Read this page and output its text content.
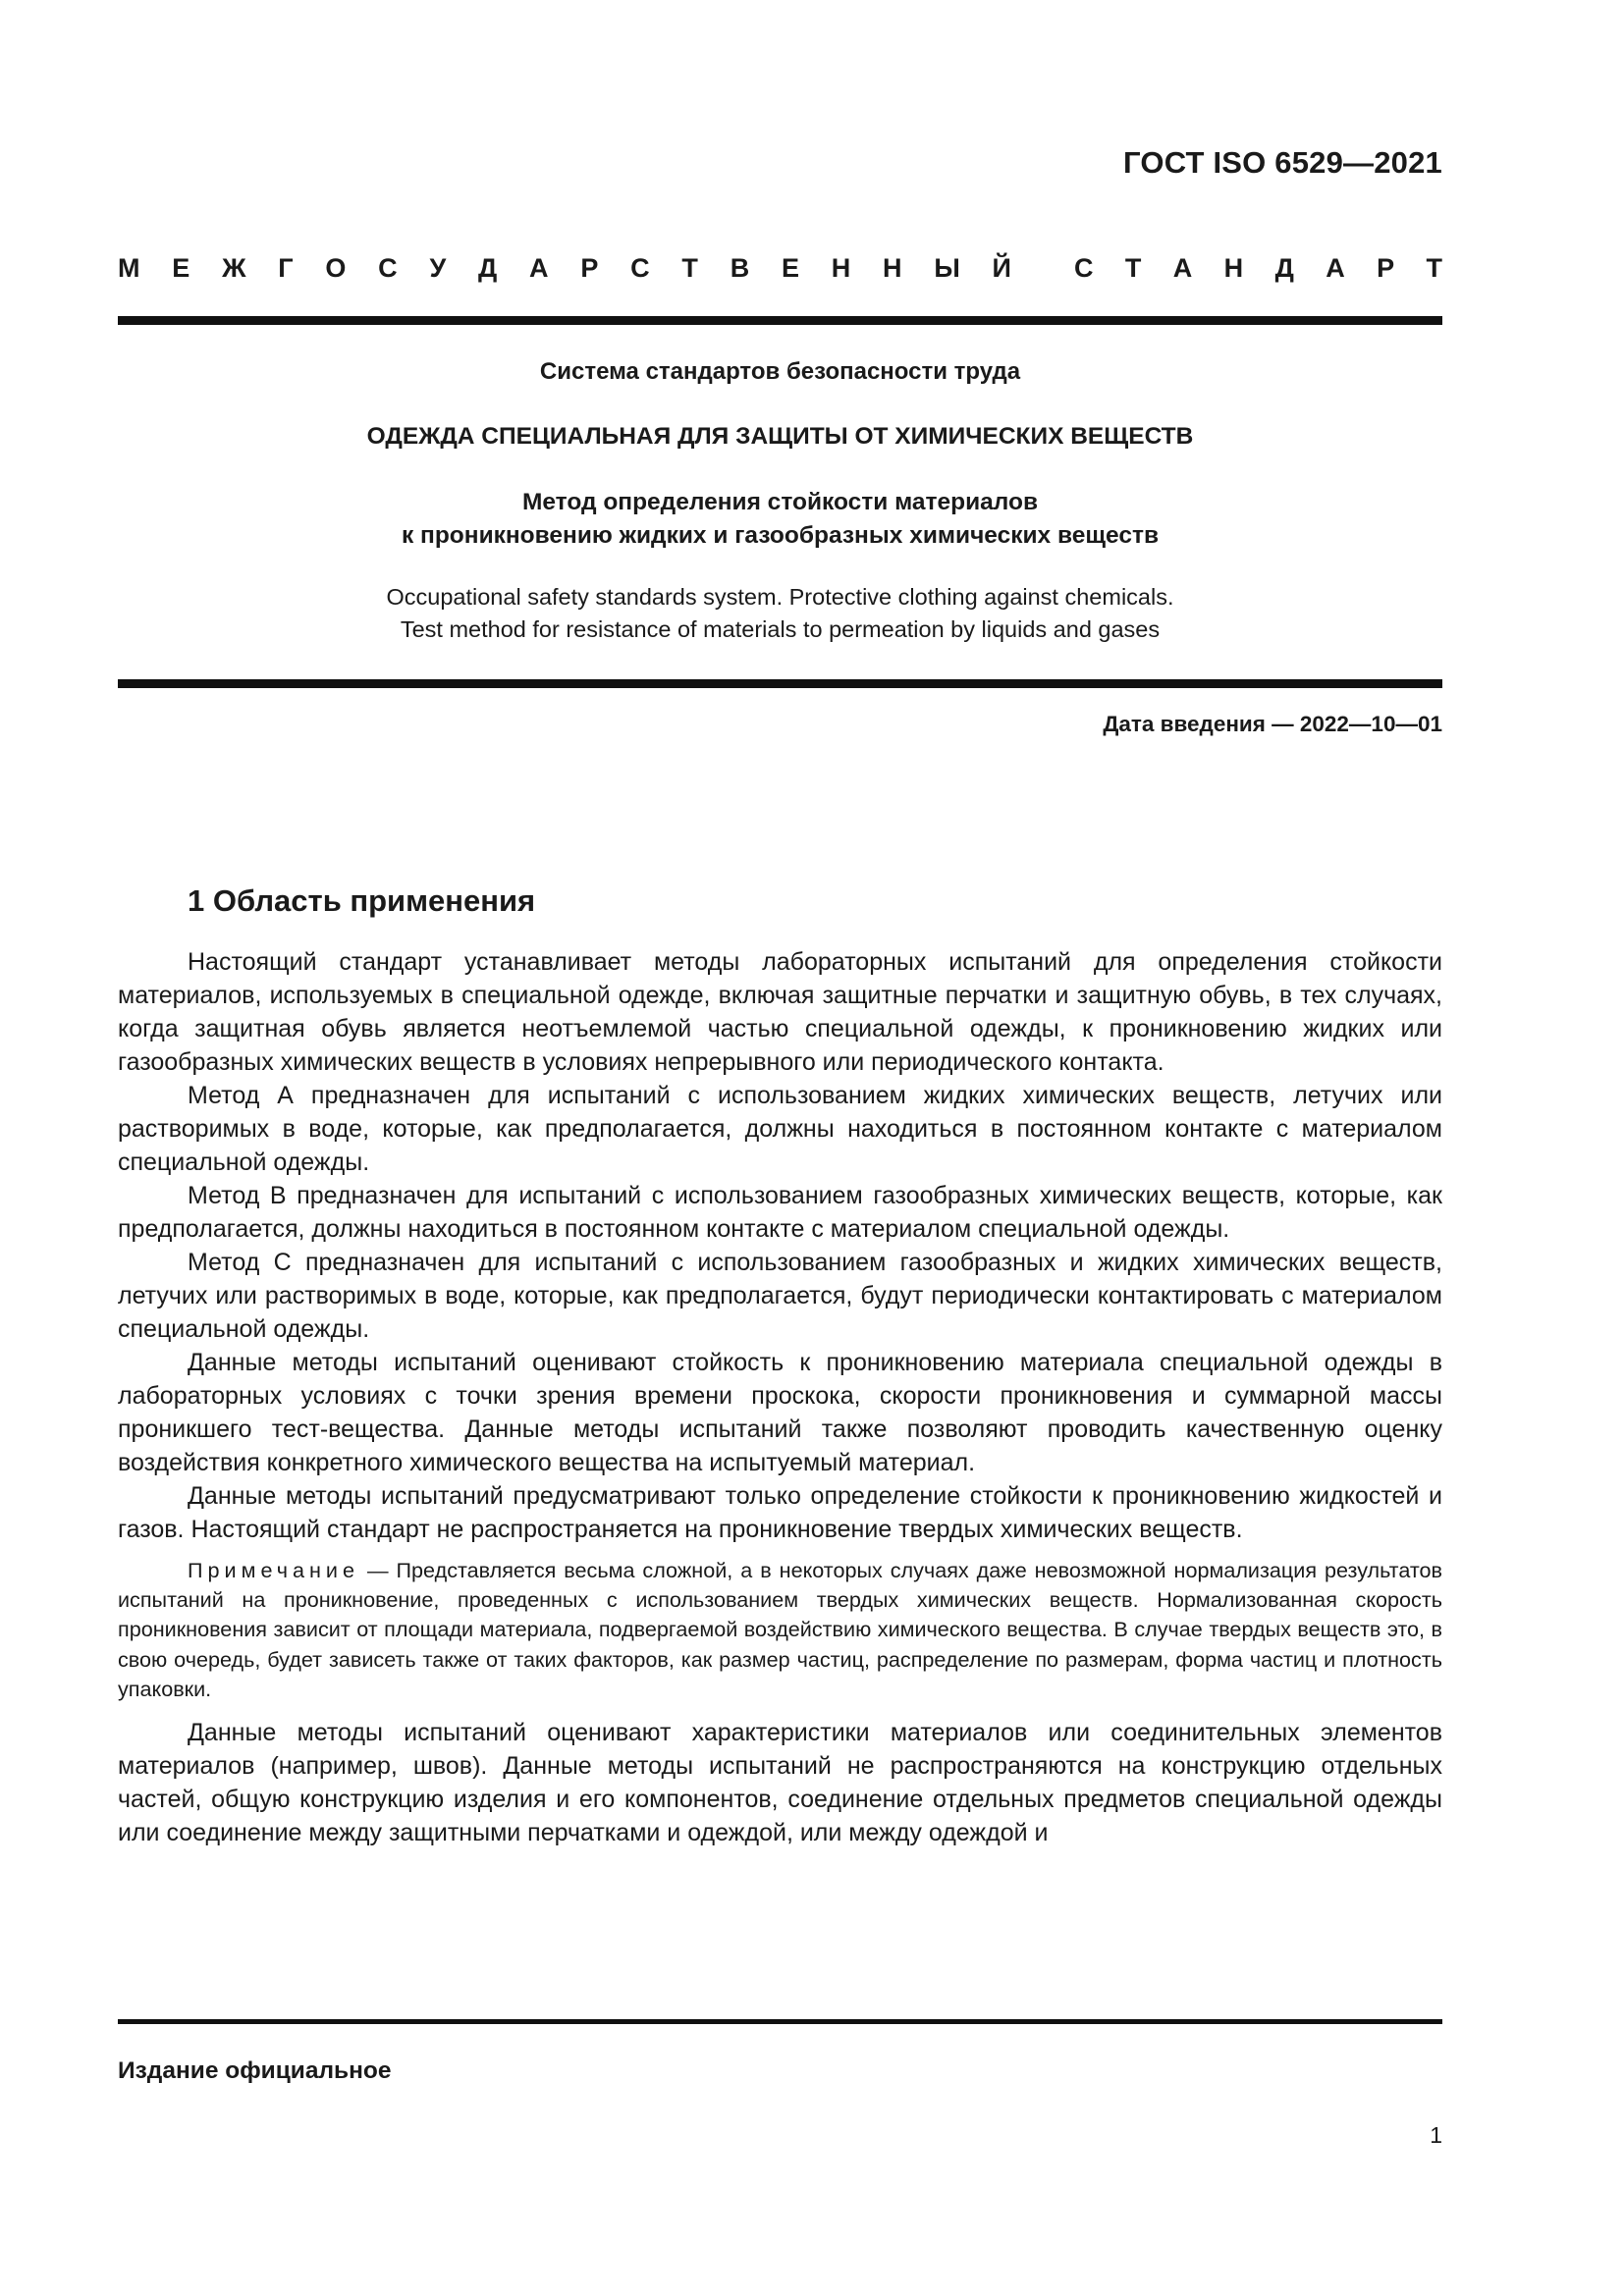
ГОСТ ISO 6529—2021
М Е Ж Г О С У Д А Р С Т В Е Н Н Ы Й С Т А Н Д А Р Т
Система стандартов безопасности труда
ОДЕЖДА СПЕЦИАЛЬНАЯ ДЛЯ ЗАЩИТЫ ОТ ХИМИЧЕСКИХ ВЕЩЕСТВ
Метод определения стойкости материалов
к проникновению жидких и газообразных химических веществ
Occupational safety standards system. Protective clothing against chemicals.
Test method for resistance of materials to permeation by liquids and gases
Дата введения — 2022—10—01
1 Область применения

Настоящий стандарт устанавливает методы лабораторных испытаний для определения стойкости материалов, используемых в специальной одежде, включая защитные перчатки и защитную обувь, в тех случаях, когда защитная обувь является неотъемлемой частью специальной одежды, к проникновению жидких или газообразных химических веществ в условиях непрерывного или периодического контакта.

Метод А предназначен для испытаний с использованием жидких химических веществ, летучих или растворимых в воде, которые, как предполагается, должны находиться в постоянном контакте с материалом специальной одежды.

Метод В предназначен для испытаний с использованием газообразных химических веществ, которые, как предполагается, должны находиться в постоянном контакте с материалом специальной одежды.

Метод С предназначен для испытаний с использованием газообразных и жидких химических веществ, летучих или растворимых в воде, которые, как предполагается, будут периодически контактировать с материалом специальной одежды.

Данные методы испытаний оценивают стойкость к проникновению материала специальной одежды в лабораторных условиях с точки зрения времени проскока, скорости проникновения и суммарной массы проникшего тест-вещества. Данные методы испытаний также позволяют проводить качественную оценку воздействия конкретного химического вещества на испытуемый материал.

Данные методы испытаний предусматривают только определение стойкости к проникновению жидкостей и газов. Настоящий стандарт не распространяется на проникновение твердых химических веществ.

Примечание — Представляется весьма сложной, а в некоторых случаях даже невозможной нормализация результатов испытаний на проникновение, проведенных с использованием твердых химических веществ. Нормализованная скорость проникновения зависит от площади материала, подвергаемой воздействию химического вещества. В случае твердых веществ это, в свою очередь, будет зависеть также от таких факторов, как размер частиц, распределение по размерам, форма частиц и плотность упаковки.

Данные методы испытаний оценивают характеристики материалов или соединительных элементов материалов (например, швов). Данные методы испытаний не распространяются на конструкцию отдельных частей, общую конструкцию изделия и его компонентов, соединение отдельных предметов специальной одежды или соединение между защитными перчатками и одеждой, или между одеждой и

Издание официальное
1
